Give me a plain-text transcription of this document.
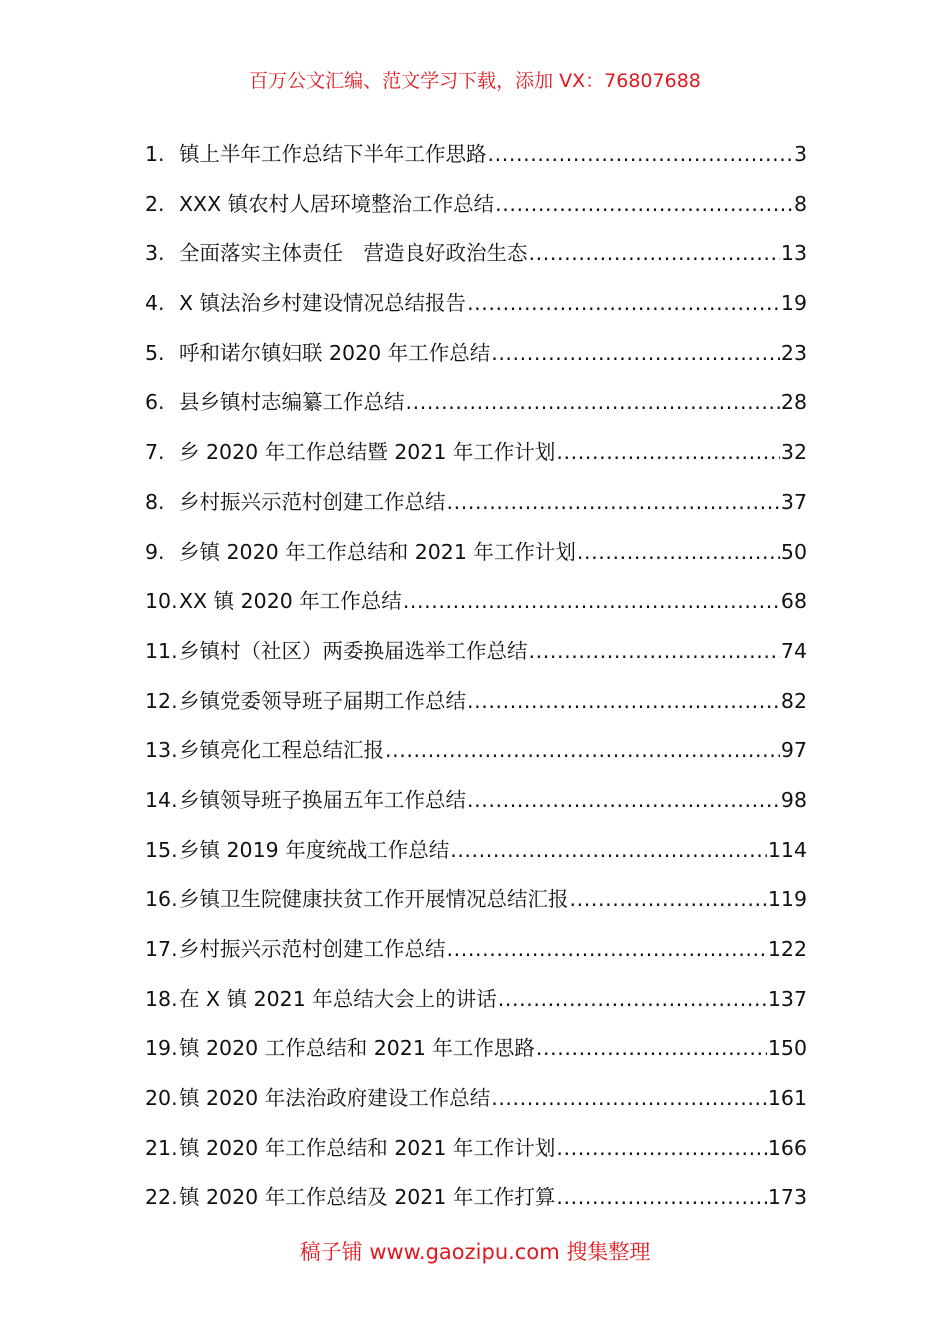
百万公文汇编、范文学习下载，添加 VX：76807688
1. 镇上半年工作总结下半年工作思路 .....	3
2. XXX 镇农村人居环境整治工作总结 .....	8
3. 全面落实主体责任　营造良好政治生态 .....	13
4. X 镇法治乡村建设情况总结报告 .....	19
5. 呼和诺尔镇妇联 2020 年工作总结 .....	23
6. 县乡镇村志编纂工作总结 .....	28
7. 乡 2020 年工作总结暨 2021 年工作计划 .....	32
8. 乡村振兴示范村创建工作总结 .....	37
9. 乡镇 2020 年工作总结和 2021 年工作计划 .....	50
10. XX 镇 2020 年工作总结 .....	68
11. 乡镇村（社区）两委换届选举工作总结 .....	74
12. 乡镇党委领导班子届期工作总结 .....	82
13. 乡镇亮化工程总结汇报 .....	97
14. 乡镇领导班子换届五年工作总结 .....	98
15. 乡镇 2019 年度统战工作总结 .....	114
16. 乡镇卫生院健康扶贫工作开展情况总结汇报 .....	119
17. 乡村振兴示范村创建工作总结 .....	122
18. 在 X 镇 2021 年总结大会上的讲话 .....	137
19. 镇 2020 工作总结和 2021 年工作思路 .....	150
20. 镇 2020 年法治政府建设工作总结 .....	161
21. 镇 2020 年工作总结和 2021 年工作计划 .....	166
22. 镇 2020 年工作总结及 2021 年工作打算 .....	173
稿子铺 www.gaozipu.com 搜集整理
